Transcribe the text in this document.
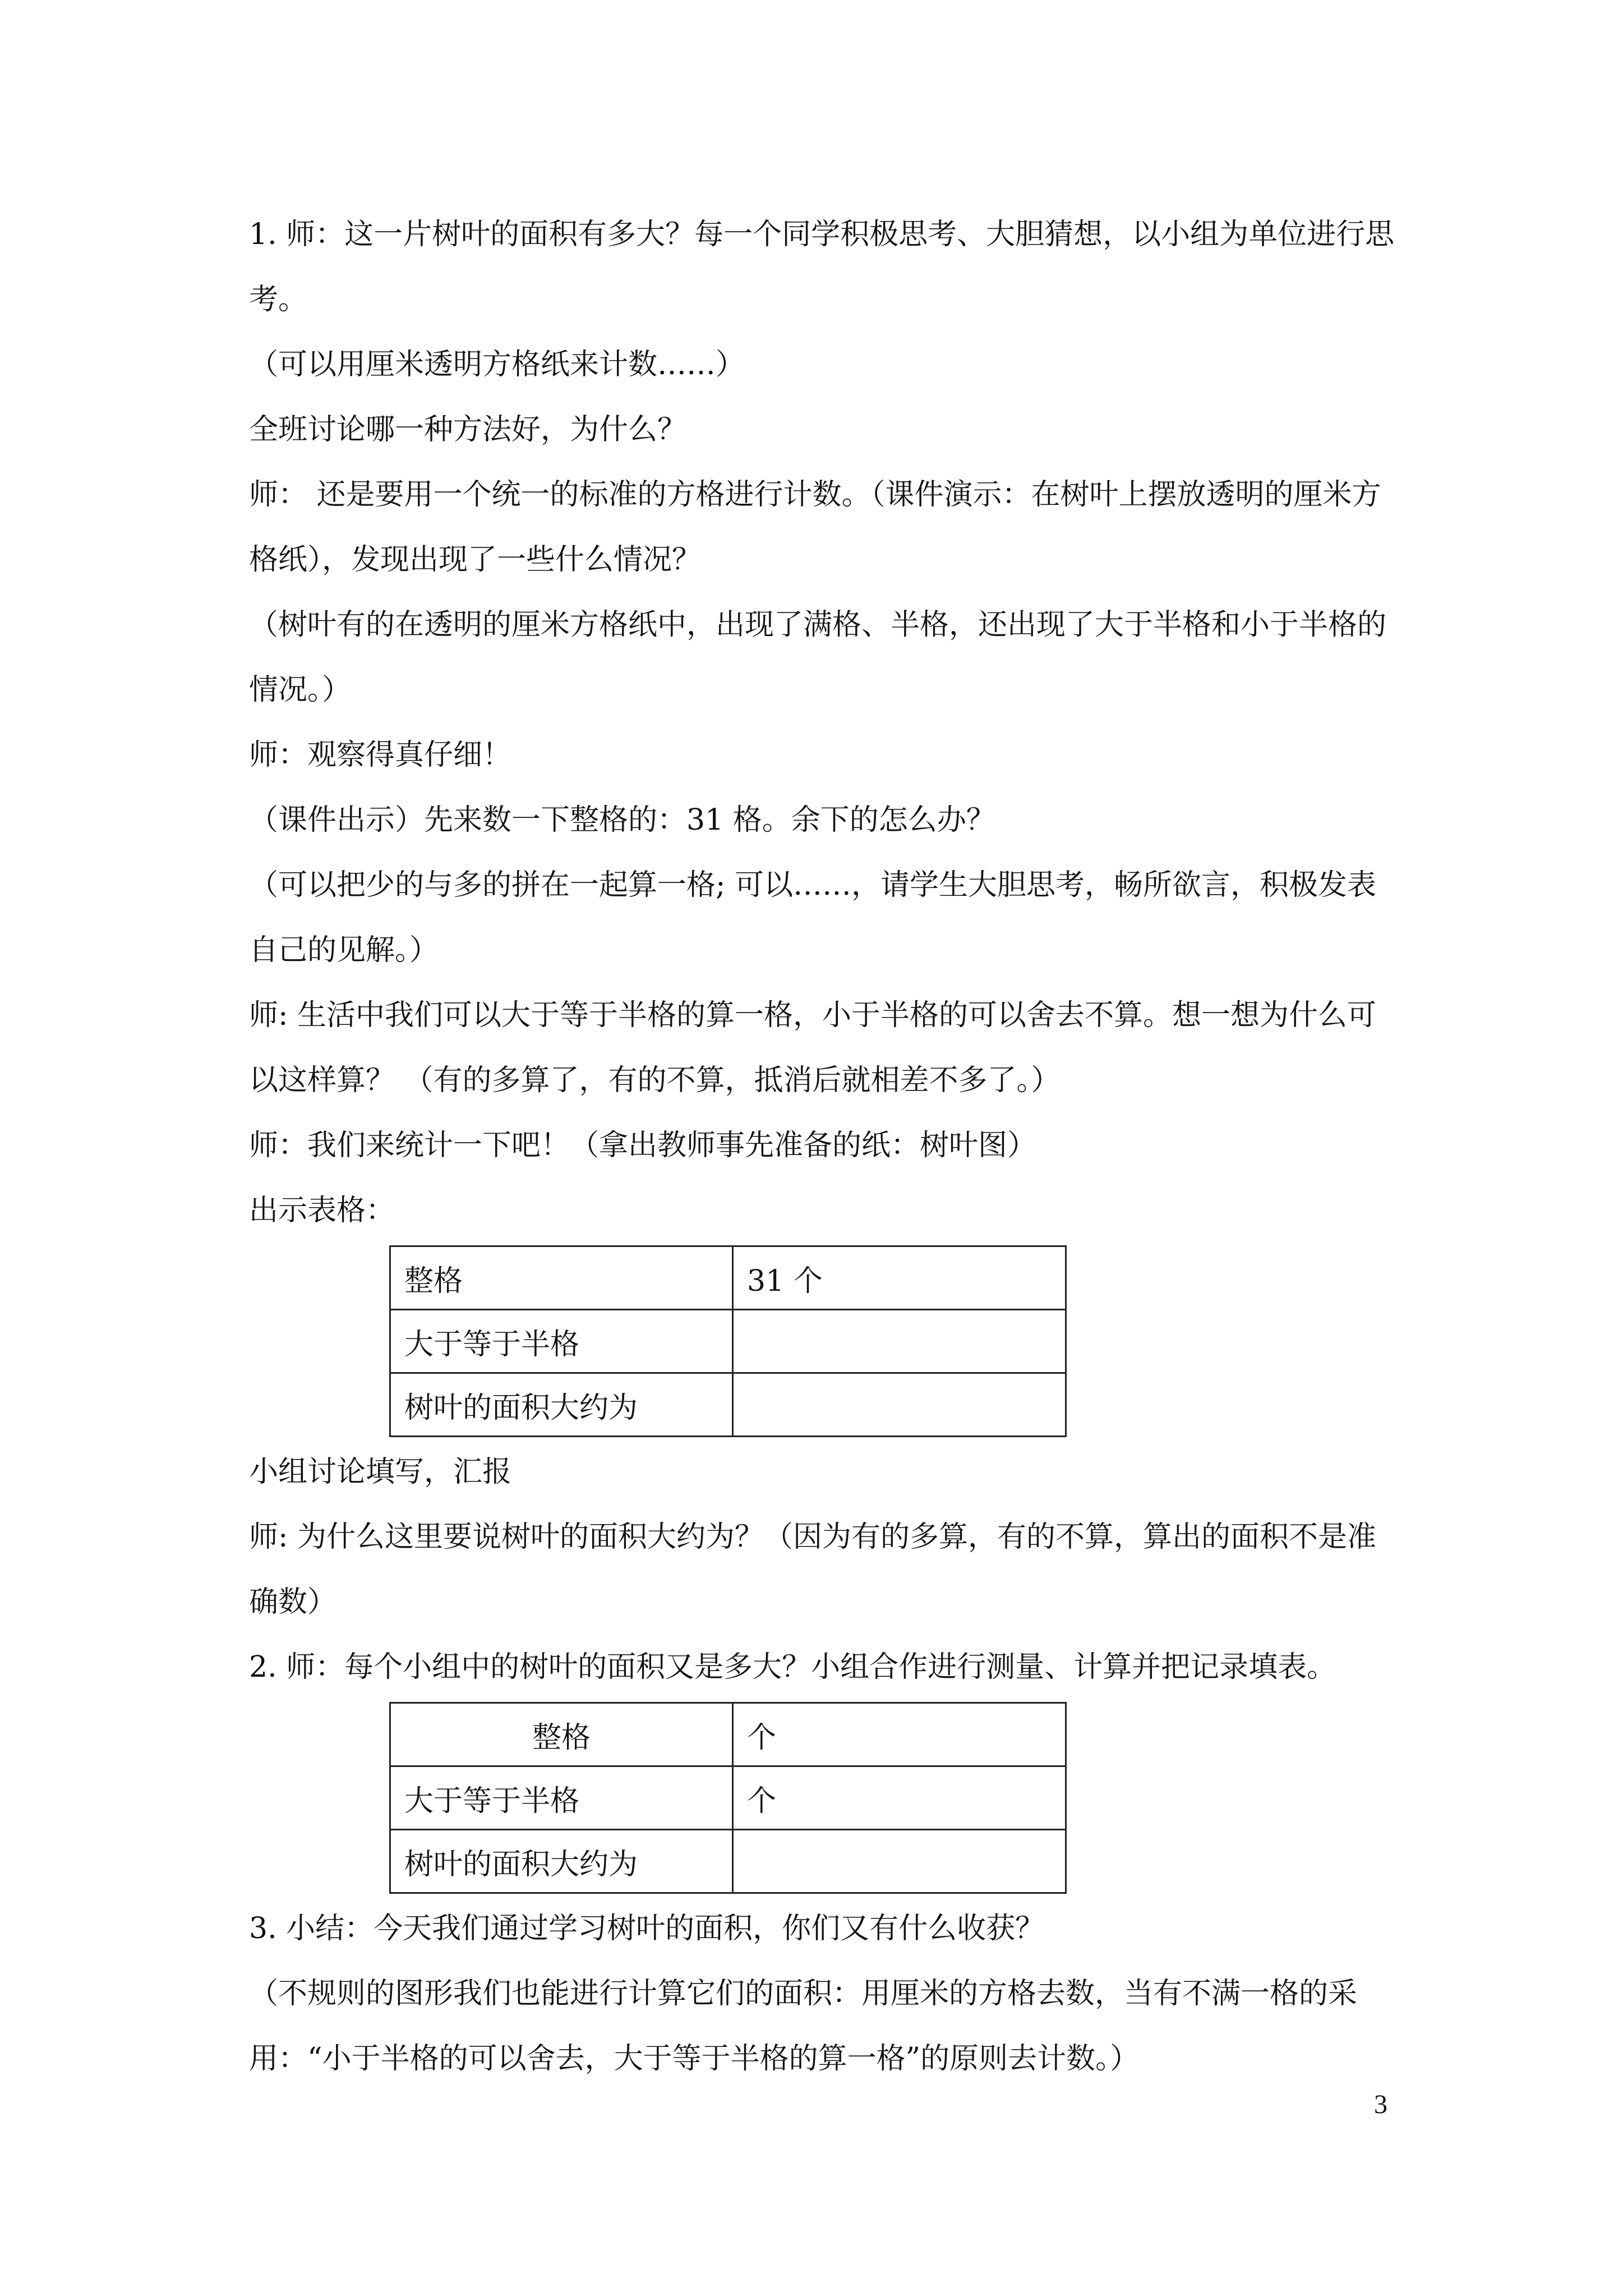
1. 师：这一片树叶的面积有多大？每一个同学积极思考、大胆猜想，以小组为单位进行思考。

（可以用厘米透明方格纸来计数……）

全班讨论哪一种方法好，为什么？

师： 还是要用一个统一的标准的方格进行计数。（课件演示：在树叶上摆放透明的厘米方格纸），发现出现了一些什么情况？

（树叶有的在透明的厘米方格纸中，出现了满格、半格，还出现了大于半格和小于半格的情况。）

师：观察得真仔细！

（课件出示）先来数一下整格的：31 格。余下的怎么办？

（可以把少的与多的拼在一起算一格; 可以……，请学生大胆思考，畅所欲言，积极发表自己的见解。）

师: 生活中我们可以大于等于半格的算一格，小于半格的可以舍去不算。想一想为什么可以这样算？ （有的多算了，有的不算，抵消后就相差不多了。）

师：我们来统计一下吧！（拿出教师事先准备的纸：树叶图）

出示表格：

整格	31 个
大于等于半格	
树叶的面积大约为	

小组讨论填写，汇报

师: 为什么这里要说树叶的面积大约为？（因为有的多算，有的不算，算出的面积不是准确数）

2. 师：每个小组中的树叶的面积又是多大？小组合作进行测量、计算并把记录填表。

整格	个
大于等于半格	个
树叶的面积大约为	

3. 小结：今天我们通过学习树叶的面积，你们又有什么收获？

（不规则的图形我们也能进行计算它们的面积：用厘米的方格去数，当有不满一格的采用：“小于半格的可以舍去，大于等于半格的算一格”的原则去计数。）

3
